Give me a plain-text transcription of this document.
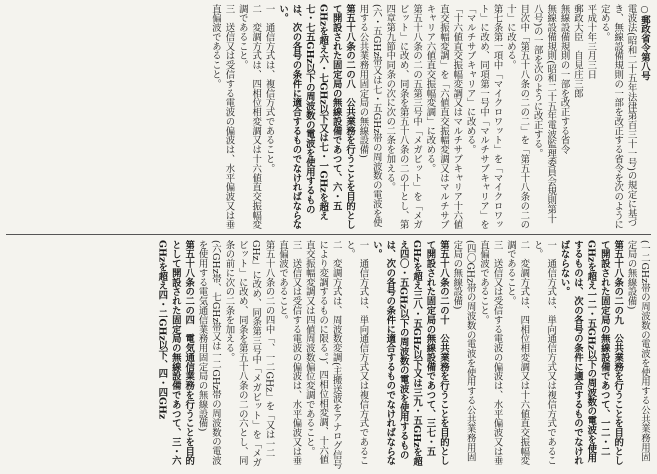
○郵政省令第八号

電波法(昭和二十五年法律第百三十一号)の規定に基づき、無線設備規則の一部を改正する省令を次のように定める。

平成十年三月三日

郵政大臣　自見庄三郎

無線設備規則の一部を改正する省令

無線設備規則(昭和二十五年電波監理委員会規則第十八号)の一部を次のように改正する。

目次中「第五十八条の二の二」を「第五十八条の二の十」に改める。

第七条第一項中「マイクロワット」を「マイクロワット」に改め、同項第一号中「マルチサブキャリア」を「マルチサブキャリア」に改める。

「十六値直交振幅変調又はマルチサブキャリア十六値直交振幅変調」を「六値直交振幅変調又はマルチサブキャリア六値直交振幅変調」に改める。

第五十八条の二の五第三号中「メガビット」を「メガビット」に改め、同条を第五十八条の二の十とし、第四章第九節中同条の次に次の二条を加える。

(六・五GHz帯又は七・五GHz帯の周波数の電波を使用する公共業務用固定局の無線設備)

第五十八条の二の八　公共業務を行うことを目的として開設された固定局の無線設備であつて、六・五GHzを超え六・七GHz以下又は七・一GHzを超え七・七五GHz以下の周波数の電波を使用するものは、次の各号の条件に適合するものでなければならない。

一　通信方式は、複信方式であること。

二　変調方式は、四相位相変調又は十六値直交振幅変調であること。

三　送信又は受信する電波の偏波は、水平偏波又は垂直偏波であること。

(一二GHz帯の周波数の電波を使用する公共業務用固定局の無線設備)

第五十八条の二の九　公共業務を行うことを目的として開設された固定局の無線設備であつて、一二・二GHzを超え一二・五GHz以下の周波数の電波を使用するものは、次の各号の条件に適合するものでなければならない。

一　通信方式は、単向通信方式又は複信方式であること。

二　変調方式は、四相位相変調又は十六値直交振幅変調であること。

三　送信又は受信する電波の偏波は、水平偏波又は垂直偏波であること。

(四〇GHz帯の周波数の電波を使用する公共業務用固定局の無線設備)

第五十八条の二の十　公共業務を行うことを目的として開設された固定局の無線設備であつて、三七・五GHzを超え三八・五GHz以下又は三九・五GHzを超え四〇・五GHz以下の周波数の電波を使用するものは、次の各号の条件に適合するものでなければならない。

一　通信方式は、単向通信方式又は複信方式であること。

二　変調方式は、周波数変調(主搬送波をアナログ信号により変調するものに限る。)、四相位相変調、十六値直交振幅変調又は四値周波数偏位変調であること。

三　送信又は受信する電波の偏波は、水平偏波又は垂直偏波であること。

第五十八条の二の四中「、一二GHz」を「又は一二GHz」に改め、同条第三号中「メガビット」を「メガビット」に改め、同条を第五十八条の二の六とし、同条の前に次の二条を加える。

(六GHz帯、七GHz帯又は一二GHz帯の周波数の電波を使用する電気通信業務用固定局の無線設備)

第五十八条の二の四　電気通信業務を行うことを目的として開設された固定局の無線設備であつて、三・六GHzを超え四・二GHz以下、四・四GHz
